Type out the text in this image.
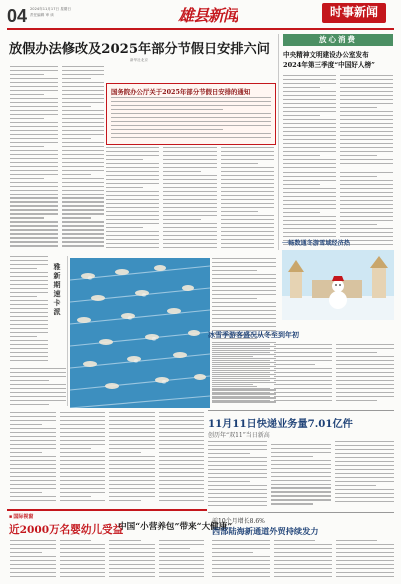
04 2024年11月17日 星期日
责任编辑 审 读	雄县新闻	时事新闻
放假办法修改及2025年部分节假日安排六问
新华社北京
国务院办公厅关于2025年部分节假日安排的通知
放心消费
中央精神文明建设办公室发布
2024年第三季度“中国好人榜”
雅
新
期
速
卡
派
一畅数通冬游雪域经济热
冰雪季游客盛况从冬至到年初
11月11日快递业务量7.01亿件
创历年“双11”当日新高
■ 国际视窗
近2000万名婴幼儿受益
中国“小营养包”带来“大健康”
前10个月增长8.6%
西部陆海新通道外贸持续发力
